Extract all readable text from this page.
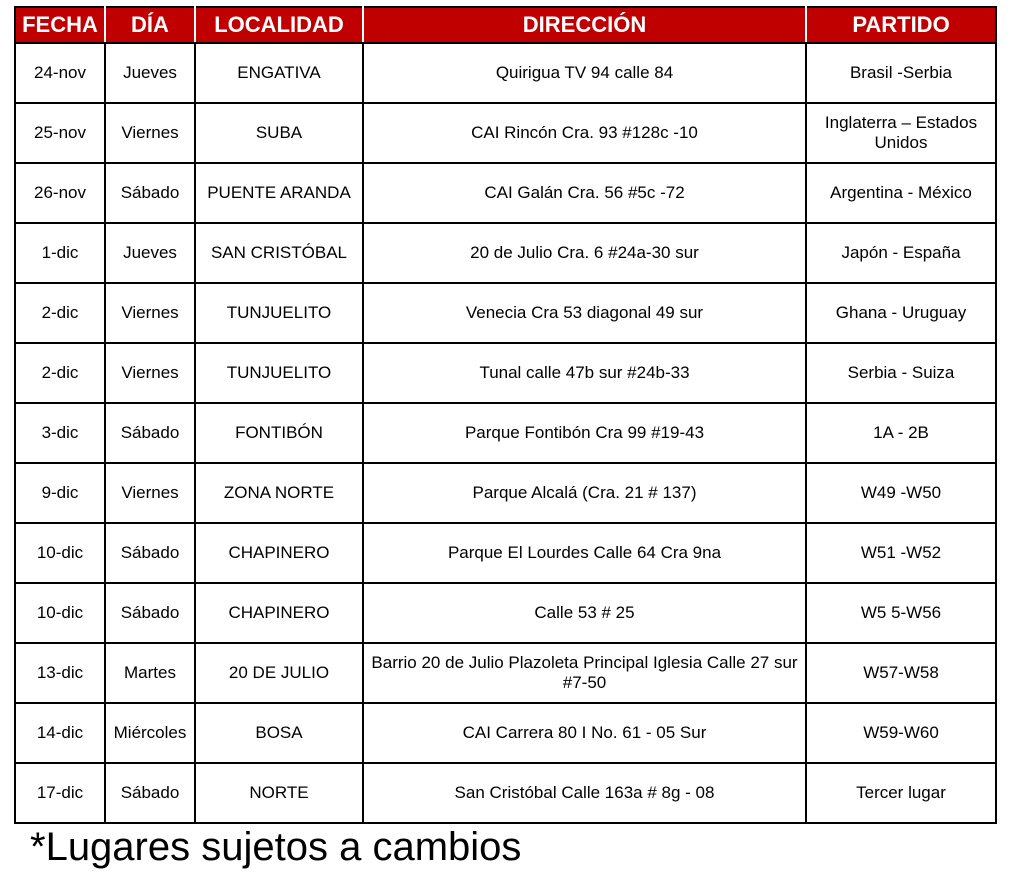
FECHA	DÍA	LOCALIDAD	DIRECCIÓN	PARTIDO
24-nov	Jueves	ENGATIVA	Quirigua TV 94 calle 84	Brasil -Serbia
25-nov	Viernes	SUBA	CAI Rincón Cra. 93 #128c -10	Inglaterra – Estados Unidos
26-nov	Sábado	PUENTE ARANDA	CAI Galán Cra. 56 #5c -72	Argentina - México
1-dic	Jueves	SAN CRISTÓBAL	20 de Julio Cra. 6 #24a-30 sur	Japón - España
2-dic	Viernes	TUNJUELITO	Venecia Cra 53 diagonal 49 sur	Ghana - Uruguay
2-dic	Viernes	TUNJUELITO	Tunal calle 47b sur #24b-33	Serbia - Suiza
3-dic	Sábado	FONTIBÓN	Parque Fontibón Cra 99 #19-43	1A - 2B
9-dic	Viernes	ZONA NORTE	Parque Alcalá (Cra. 21 # 137)	W49 -W50
10-dic	Sábado	CHAPINERO	Parque El Lourdes Calle 64 Cra 9na	W51 -W52
10-dic	Sábado	CHAPINERO	Calle 53 # 25	W5 5-W56
13-dic	Martes	20 DE JULIO	Barrio 20 de Julio Plazoleta Principal Iglesia Calle 27 sur #7-50	W57-W58
14-dic	Miércoles	BOSA	CAI Carrera 80 I No. 61 - 05 Sur	W59-W60
17-dic	Sábado	NORTE	San Cristóbal Calle 163a # 8g - 08	Tercer lugar
*Lugares sujetos a cambios
